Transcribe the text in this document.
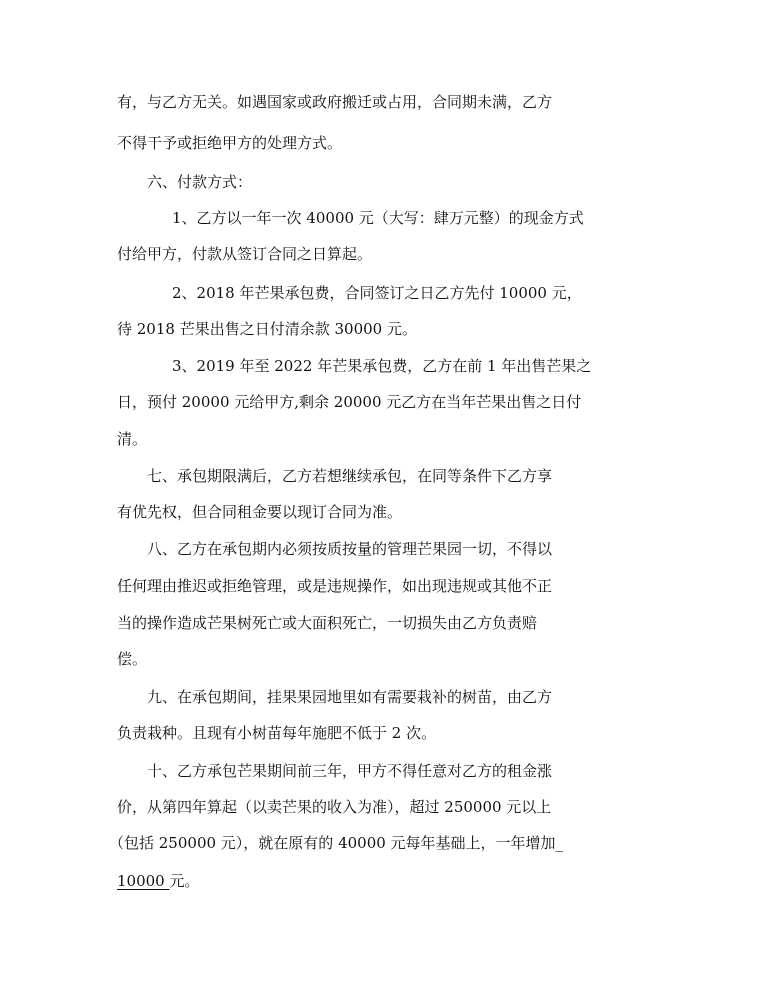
有，与乙方无关。如遇国家或政府搬迁或占用，合同期未满，乙方
不得干予或拒绝甲方的处理方式。
六、付款方式：
1、乙方以一年一次 40000 元（大写：肆万元整）的现金方式
付给甲方，付款从签订合同之日算起。
2、2018 年芒果承包费，合同签订之日乙方先付 10000 元，
待 2018 芒果出售之日付清余款 30000 元。
3、2019 年至 2022 年芒果承包费，乙方在前 1 年出售芒果之
日，预付 20000 元给甲方,剩余 20000 元乙方在当年芒果出售之日付
清。
七、承包期限满后，乙方若想继续承包，在同等条件下乙方享
有优先权，但合同租金要以现订合同为准。
八、乙方在承包期内必须按质按量的管理芒果园一切，不得以
任何理由推迟或拒绝管理，或是违规操作，如出现违规或其他不正
当的操作造成芒果树死亡或大面积死亡，一切损失由乙方负责赔
偿。
九、在承包期间，挂果果园地里如有需要栽补的树苗，由乙方
负责栽种。且现有小树苗每年施肥不低于 2 次。
十、乙方承包芒果期间前三年，甲方不得任意对乙方的租金涨
价，从第四年算起（以卖芒果的收入为准），超过 250000 元以上
（包括 250000 元），就在原有的 40000 元每年基础上，一年增加_
10000 元。
